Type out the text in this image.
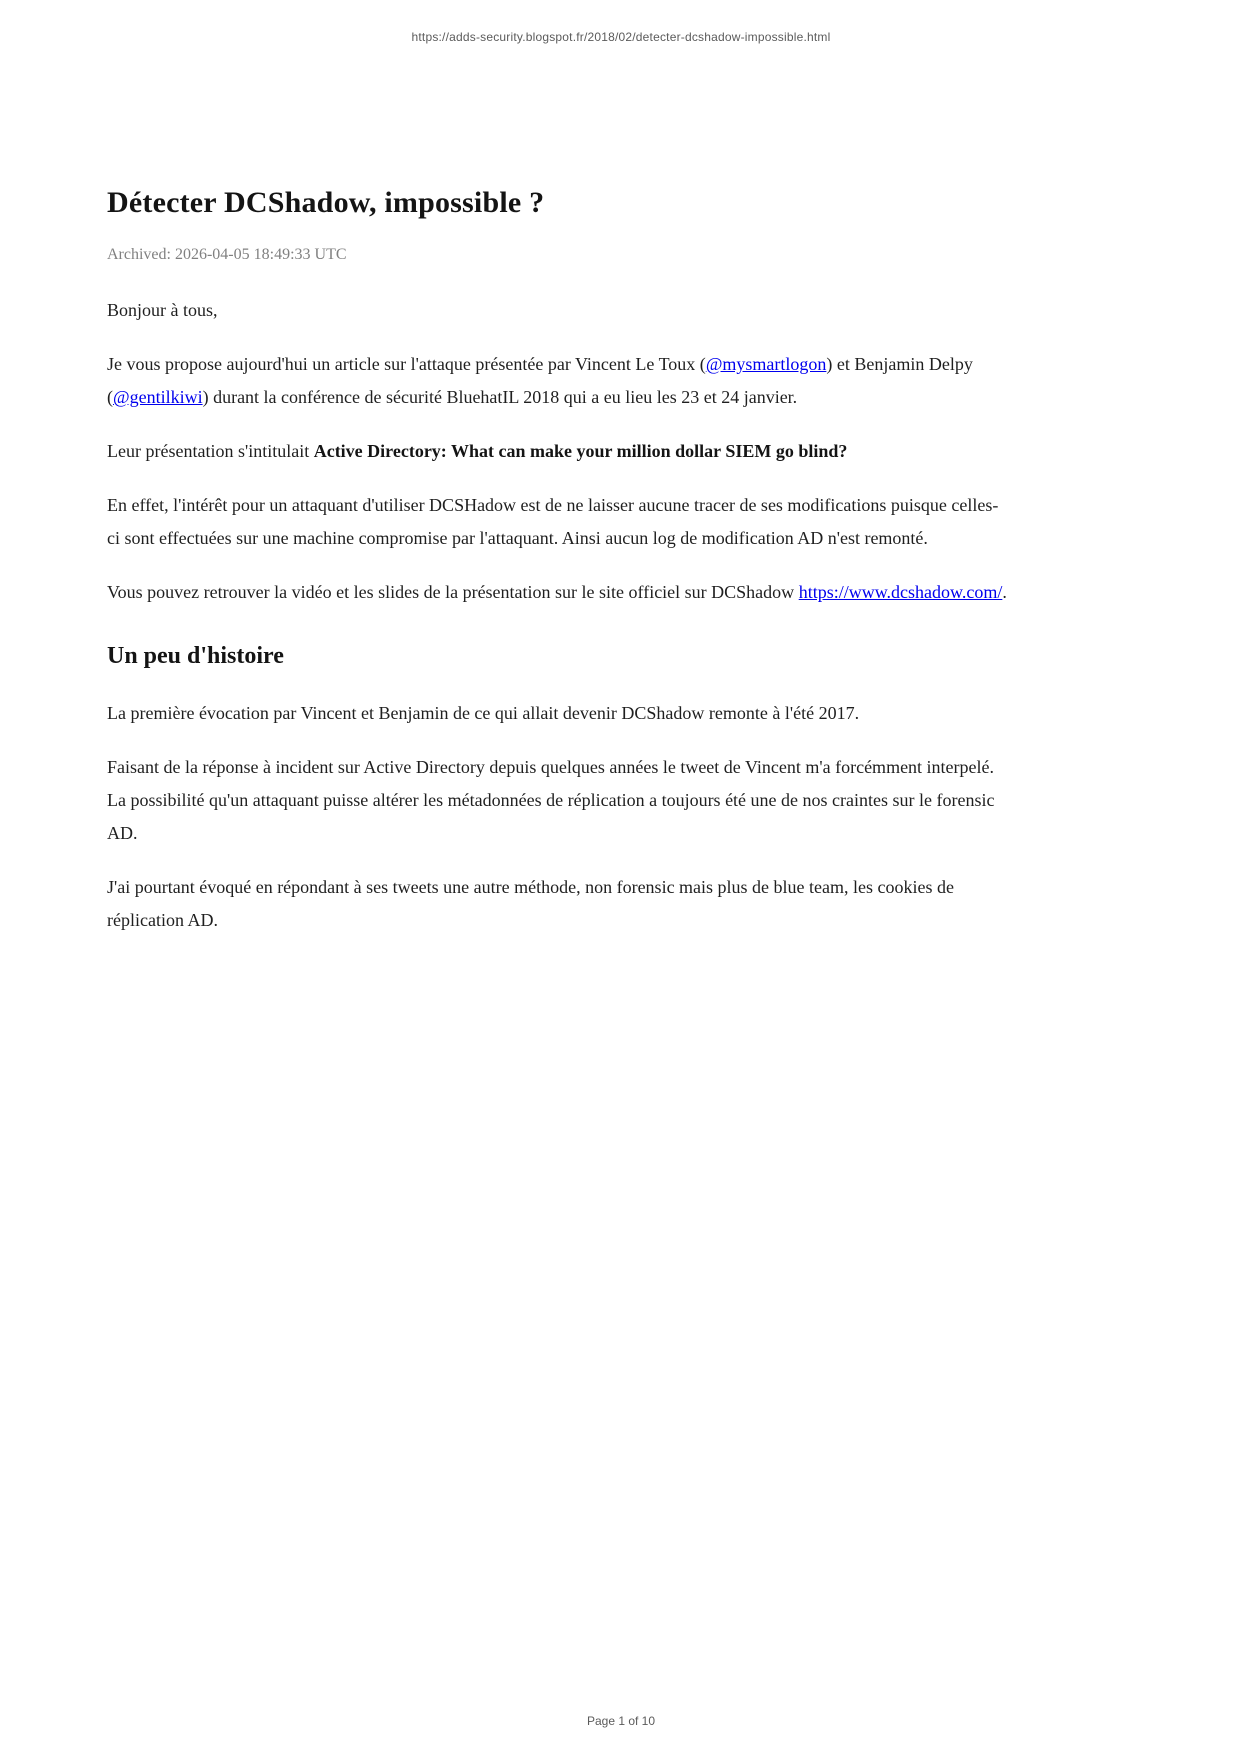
https://adds-security.blogspot.fr/2018/02/detecter-dcshadow-impossible.html
Détecter DCShadow, impossible ?
Archived: 2026-04-05 18:49:33 UTC

Bonjour à tous,

Je vous propose aujourd'hui un article sur l'attaque présentée par Vincent Le Toux (@mysmartlogon) et Benjamin Delpy (@gentilkiwi) durant la conférence de sécurité BluehatIL 2018 qui a eu lieu les 23 et 24 janvier.

Leur présentation s'intitulait Active Directory: What can make your million dollar SIEM go blind?

En effet, l'intérêt pour un attaquant d'utiliser DCSHadow est de ne laisser aucune tracer de ses modifications puisque celles-ci sont effectuées sur une machine compromise par l'attaquant. Ainsi aucun log de modification AD n'est remonté.

Vous pouvez retrouver la vidéo et les slides de la présentation sur le site officiel sur DCShadow https://www.dcshadow.com/.

Un peu d'histoire

La première évocation par Vincent et Benjamin de ce qui allait devenir DCShadow remonte à l'été 2017.

Faisant de la réponse à incident sur Active Directory depuis quelques années le tweet de Vincent m'a forcémment interpelé. La possibilité qu'un attaquant puisse altérer les métadonnées de réplication a toujours été une de nos craintes sur le forensic AD.

J'ai pourtant évoqué en répondant à ses tweets une autre méthode, non forensic mais plus de blue team, les cookies de réplication AD.

Page 1 of 10
